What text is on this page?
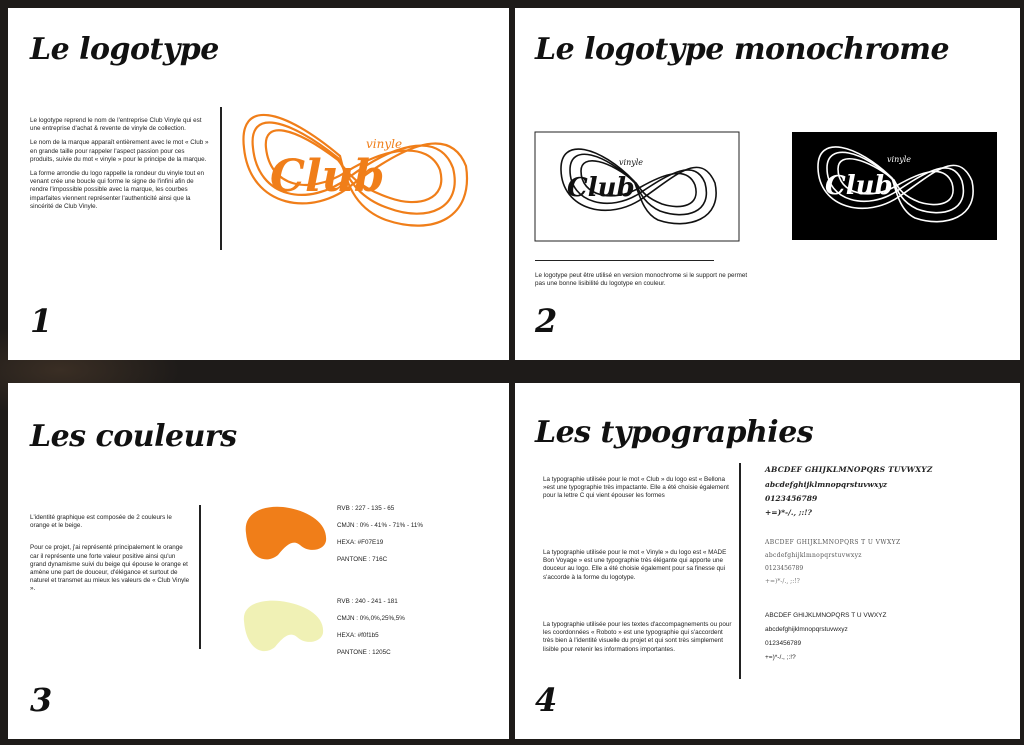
Le logotype

Le logotype reprend le nom de l'entreprise Club Vinyle qui est une entreprise d'achat & revente de vinyle de collection.

Le nom de la marque apparaît entièrement avec le mot « Club » en grande taille pour rappeler l'aspect passion pour ces produits, suivie du mot « vinyle » pour le principe de la marque.

La forme arrondie du logo rappelle la rondeur du vinyle tout en venant crée une boucle qui forme le signe de l'infini afin de rendre l'impossible possible avec la marque, les courbes imparfaites viennent représenter l'authenticité ainsi que la sincérité de Club Vinyle.

Club
vinyle
1
Le logotype monochrome
Club
vinyle
Club
vinyle
Le logotype peut être utilisé en version monochrome si le support ne permet pas une bonne lisibilité du logotype en couleur.
2
Les couleurs

L'identité graphique est composée de 2 couleurs le orange et le beige.

Pour ce projet, j'ai représenté principalement le orange car il représente une forte valeur positive ainsi qu'un grand dynamisme suivi du beige qui épouse le orange et amène une part de douceur, d'élégance et surtout de naturel et transmet au mieux les valeurs de « Club Vinyle ».

RVB : 227 - 135 - 65
CMJN : 0% - 41% - 71% - 11%
HEXA: #F07E19
PANTONE : 716C
RVB : 240 - 241 - 181
CMJN : 0%,0%,25%,5%
HEXA: #f0f1b5
PANTONE : 1205C
3
Les typographies
La typographie utilisée pour le mot « Club » du logo est « Bellona »est une typographie très impactante. Elle a été choisie également pour la lettre C qui vient épouser les formes
La typographie utilisée pour le mot « Vinyle » du logo est « MADE Bon Voyage » est une typographie très élégante qui apporte une douceur au logo. Elle a été choisie également pour sa finesse qui s'accorde à la forme du logotype.
La typographie utilisée pour les textes d'accompagnements ou pour les coordonnées « Roboto » est une typographie qui s'accordent très bien à l'identité visuelle du projet et qui sont très simplement lisible pour retenir les informations importantes.
ABCDEF GHIJKLMNOPQRS TUVWXYZ
abcdefghijklmnopqrstuvwxyz
0123456789
+=)*-/., ;:!?
ABCDEF GHIJKLMNOPQRS T U VWXYZ
abcdefghijklmnopqrstuvwxyz
0123456789
+=)*-/., ;:!?
ABCDEF GHIJKLMNOPQRS T U VWXYZ
abcdefghijklmnopqrstuvwxyz
0123456789
+=)*-/., ;:!?
4
